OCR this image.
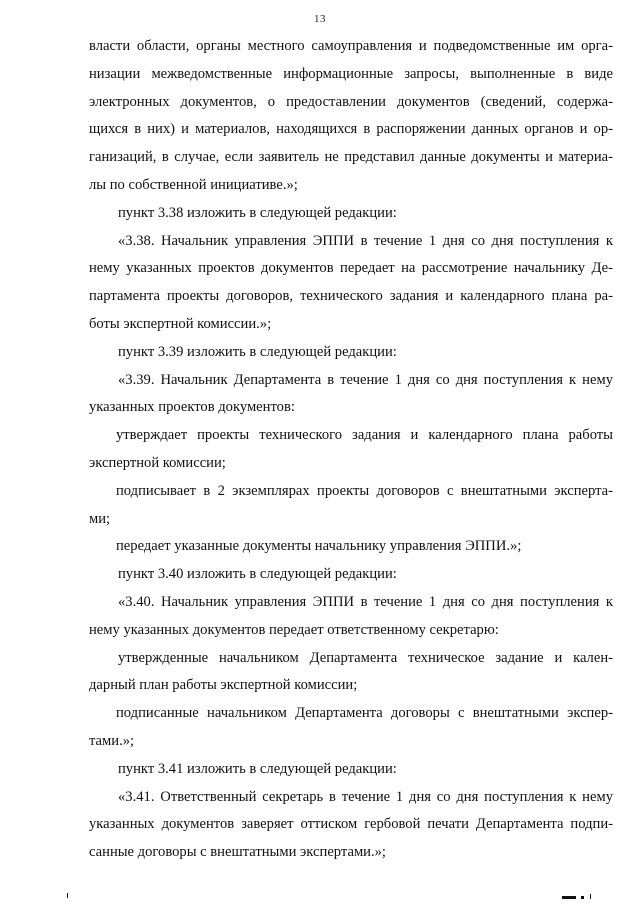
13
власти области, органы местного самоуправления и подведомственные им орга-
низации межведомственные информационные запросы, выполненные в виде
электронных документов, о предоставлении документов (сведений, содержа-
щихся в них) и материалов, находящихся в распоряжении данных органов и ор-
ганизаций, в случае, если заявитель не представил данные документы и материа-
лы по собственной инициативе.»;
пункт 3.38 изложить в следующей редакции:
«3.38. Начальник управления ЭППИ в течение 1 дня со дня поступления к
нему указанных проектов документов передает на рассмотрение начальнику Де-
партамента проекты договоров, технического задания и календарного плана ра-
боты экспертной комиссии.»;
пункт 3.39 изложить в следующей редакции:
«3.39. Начальник Департамента в течение 1 дня со дня поступления к нему
указанных проектов документов:
утверждает проекты технического задания и календарного плана работы
экспертной комиссии;
подписывает в 2 экземплярах проекты договоров с внештатными эксперта-
ми;
передает указанные документы начальнику управления ЭППИ.»;
пункт 3.40 изложить в следующей редакции:
«3.40. Начальник управления ЭППИ в течение 1 дня со дня поступления к
нему указанных документов передает ответственному секретарю:
утвержденные начальником Департамента техническое задание и кален-
дарный план работы экспертной комиссии;
подписанные начальником Департамента договоры с внештатными экспер-
тами.»;
пункт 3.41 изложить в следующей редакции:
«3.41. Ответственный секретарь в течение 1 дня со дня поступления к нему
указанных документов заверяет оттиском гербовой печати Департамента подпи-
санные договоры с внештатными экспертами.»;
